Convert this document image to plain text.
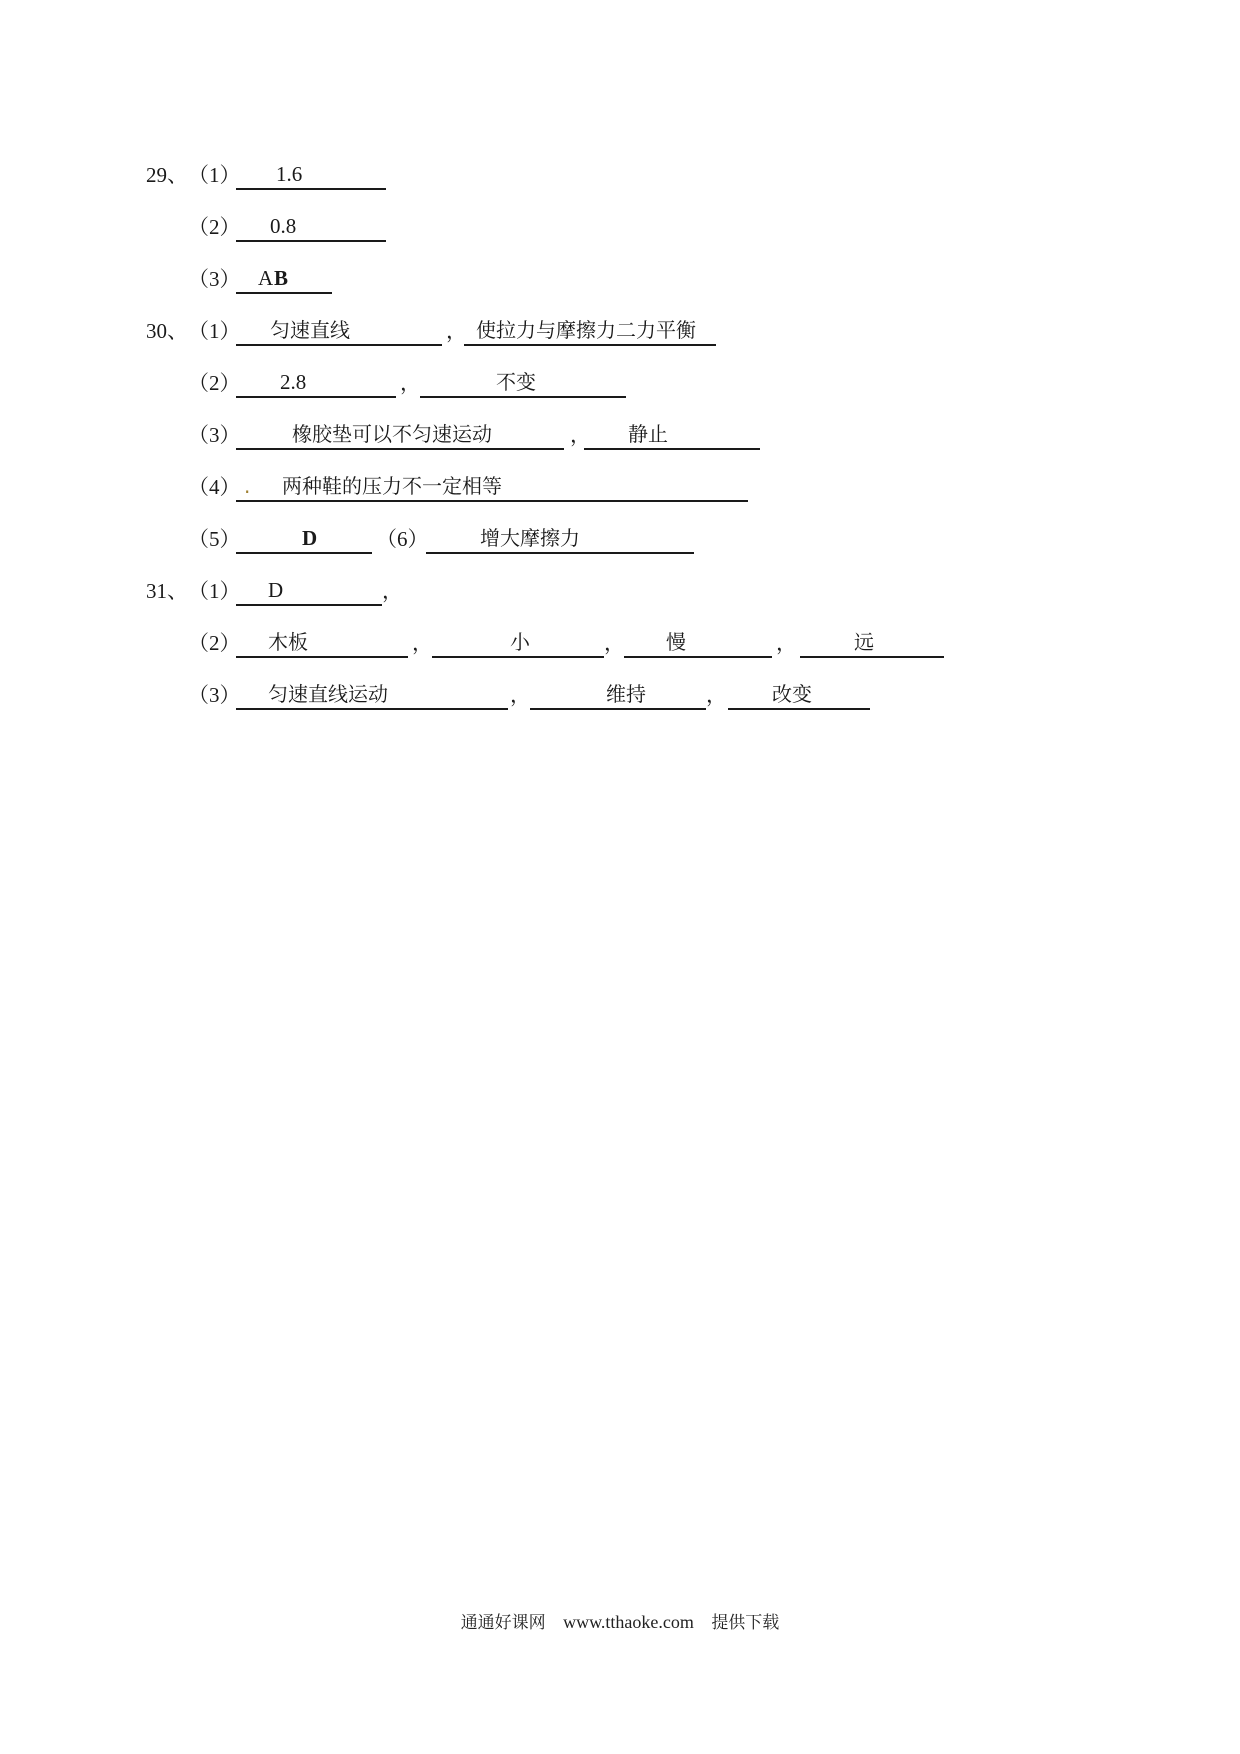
29、 （1） 1.6
（2） 0.8
（3） A B
30、 （1） 匀速直线	， 使拉力与摩擦力二力平衡
（2） 2.8	，	不变
（3）	橡胶垫可以不匀速运动	， 静止
（4） . 两种鞋的压力不一定相等
（5）	D	（6）	增大摩擦力
31、 （1） D	，
（2） 木板	，	小	， 慢	，	远
（3） 匀速直线运动	，	维持	， 改变
通通好课网 www.tthaoke.com 提供下载
